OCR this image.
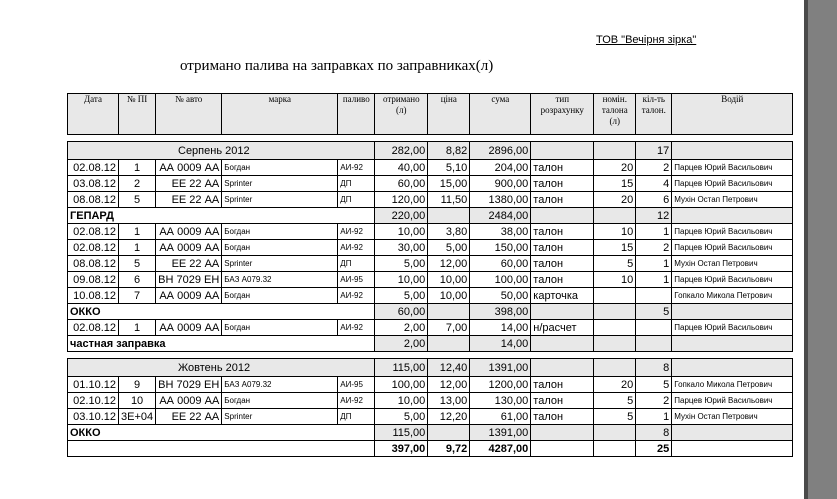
ТОВ "Вечірня зірка"
отримано палива на заправках по заправниках(л)
Дата	№ ПІ	№ авто	марка	паливо	отримано (л)	ціна	сума	тип розрахунку	номін. талона (л)	кіл-ть талон.	Водій

Серпень 2012					282,00	8,82	2896,00			17	
02.08.12	1	АА 0009 АА	Богдан	АИ-92	40,00	5,10	204,00	талон	20	2	Парцев Юрий Васильович
03.08.12	2	ЕЕ 22 АА	Sprinter	ДП	60,00	15,00	900,00	талон	15	4	Парцев Юрий Васильович
08.08.12	5	ЕЕ 22 АА	Sprinter	ДП	120,00	11,50	1380,00	талон	20	6	Мухін Остап Петрович
ГЕПАРД					220,00		2484,00			12	
02.08.12	1	АА 0009 АА	Богдан	АИ-92	10,00	3,80	38,00	талон	10	1	Парцев Юрий Васильович
02.08.12	1	АА 0009 АА	Богдан	АИ-92	30,00	5,00	150,00	талон	15	2	Парцев Юрий Васильович
08.08.12	5	ЕЕ 22 АА	Sprinter	ДП	5,00	12,00	60,00	талон	5	1	Мухін Остап Петрович
09.08.12	6	ВН 7029 ЕН	БАЗ А079.32	АИ-95	10,00	10,00	100,00	талон	10	1	Парцев Юрий Васильович
10.08.12	7	АА 0009 АА	Богдан	АИ-92	5,00	10,00	50,00	карточка			Гопкало Микола Петрович
ОККО					60,00		398,00			5	
02.08.12	1	АА 0009 АА	Богдан	АИ-92	2,00	7,00	14,00	н/расчет			Парцев Юрий Васильович
частная заправка					2,00		14,00				

Жовтень 2012					115,00	12,40	1391,00			8	
01.10.12	9	ВН 7029 ЕН	БАЗ А079.32	АИ-95	100,00	12,00	1200,00	талон	20	5	Гопкало Микола Петрович
02.10.12	10	АА 0009 АА	Богдан	АИ-92	10,00	13,00	130,00	талон	5	2	Парцев Юрий Васильович
03.10.12	3E+04	ЕЕ 22 АА	Sprinter	ДП	5,00	12,20	61,00	талон	5	1	Мухін Остап Петрович
ОККО					115,00		1391,00			8	
					397,00	9,72	4287,00			25	
